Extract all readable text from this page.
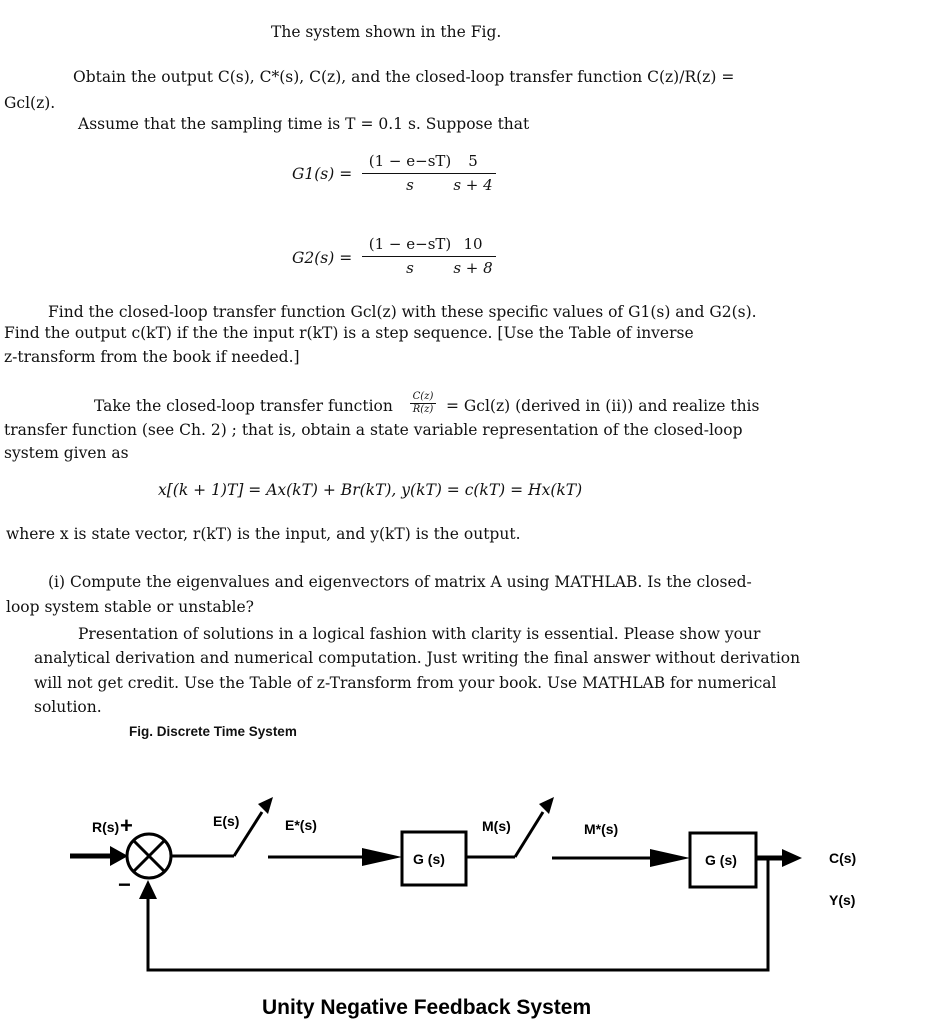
The system shown in the Fig.
Obtain the output C(s), C*(s), C(z), and the closed-loop transfer function C(z)/R(z) =
Gcl(z).
Assume that the sampling time is T = 0.1 s. Suppose that
G1(s) =
(1 − e−sT)
s
5
s + 4
G2(s) =
(1 − e−sT)
s
10
s + 8
Find the closed-loop transfer function Gcl(z) with these specific values of G1(s) and G2(s).
Find the output c(kT) if the the input r(kT) is a step sequence. [Use the Table of inverse
z-transform from the book if needed.]
Take the closed-loop transfer function
C(z)
R(z) = Gcl(z) (derived in (ii)) and realize this
transfer function (see Ch. 2) ; that is, obtain a state variable representation of the closed-loop
system given as
x[(k + 1)T] = Ax(kT) + Br(kT), y(kT) = c(kT) = Hx(kT)
where x is state vector, r(kT) is the input, and y(kT) is the output.
(i) Compute the eigenvalues and eigenvectors of matrix A using MATHLAB. Is the closed-
loop system stable or unstable?
Presentation of solutions in a logical fashion with clarity is essential. Please show your
analytical derivation and numerical computation. Just writing the final answer without derivation
will not get credit. Use the Table of z-Transform from your book. Use MATHLAB for numerical
solution.
Fig. Discrete Time System
R(s) +
−
E(s)	E*(s)
G (s)
M(s)	M*(s)
G (s)	C(s)
Y(s)
Unity Negative Feedback System
